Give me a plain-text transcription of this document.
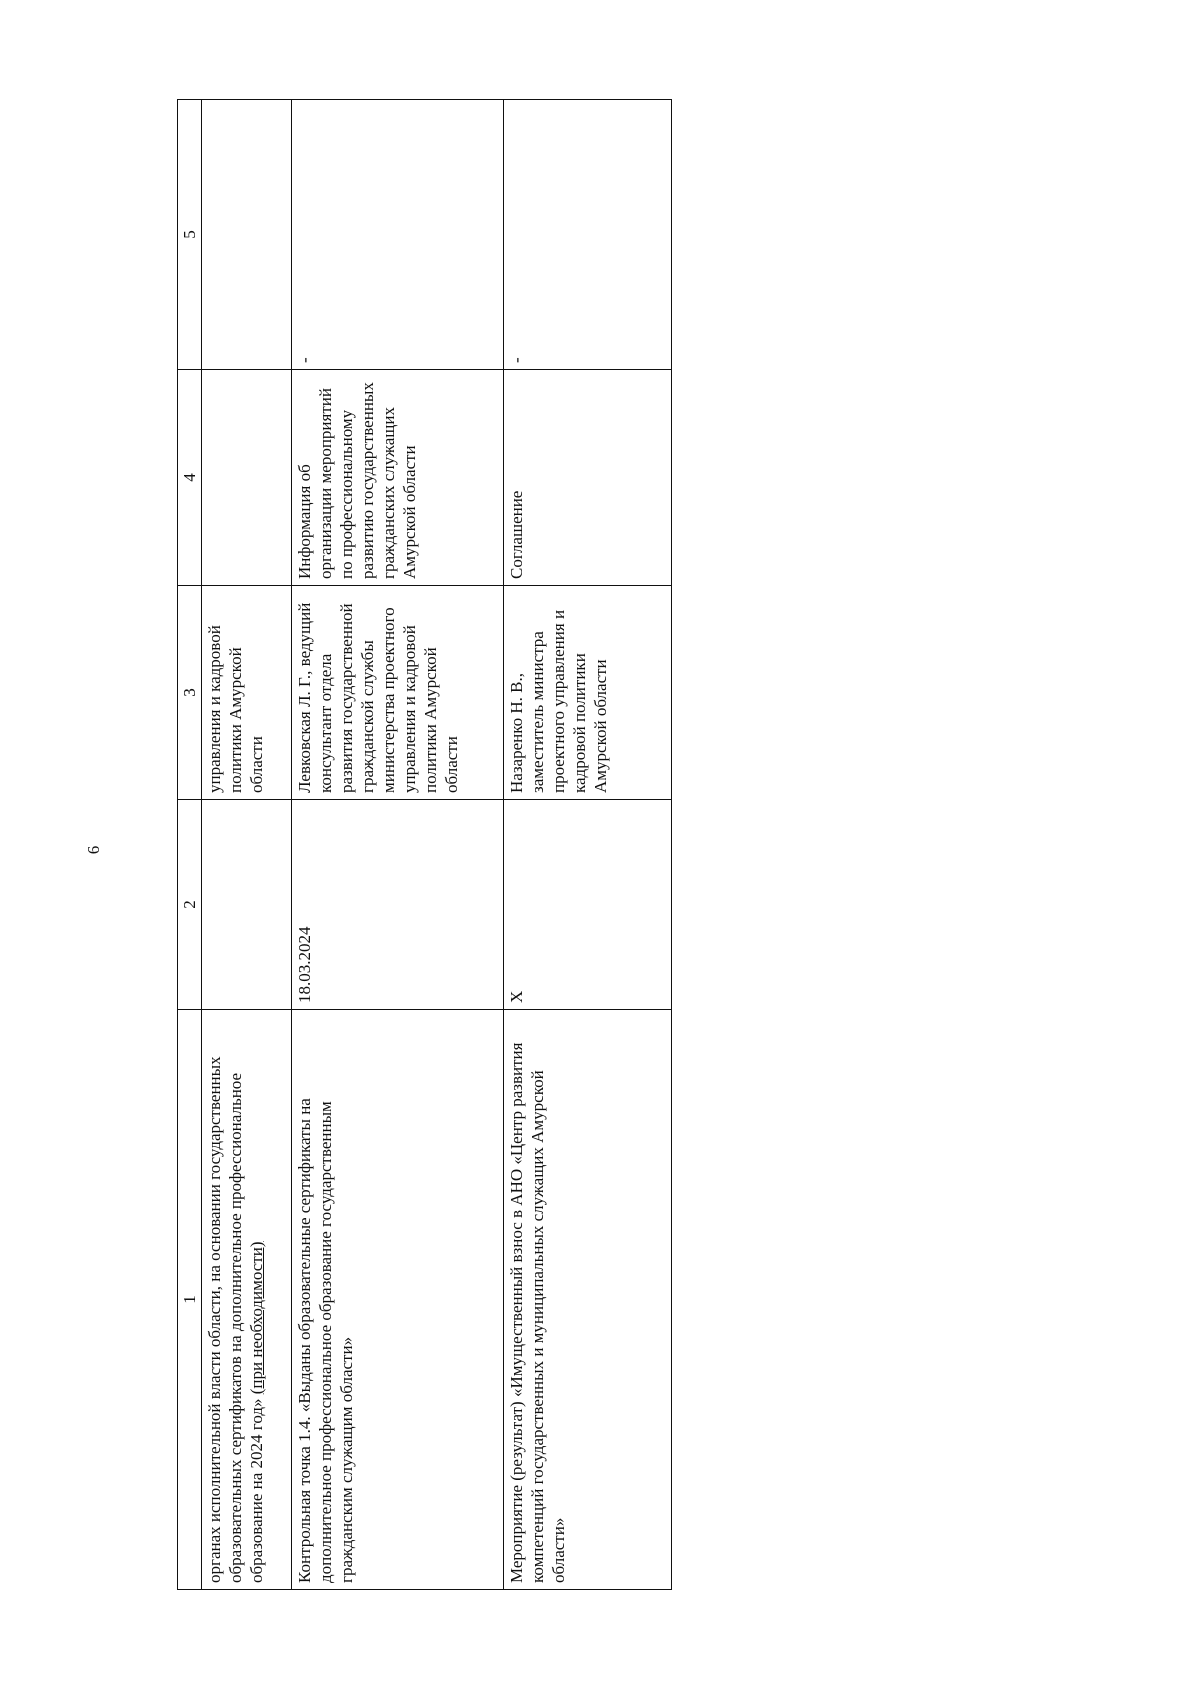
6
1	2	3	4	5
органах исполнительной власти области, на основании государственных образовательных сертификатов на дополнительное профессиональное образование на 2024 год» (при необходимости)		управления и кадровой политики Амурской области		
Контрольная точка 1.4. «Выданы образовательные сертификаты на дополнительное профессиональное образование государственным гражданским служащим области»	18.03.2024	Левковская Л. Г., ведущий консультант отдела развития государственной гражданской службы министерства проектного управления и кадровой политики Амурской области	Информация об организации мероприятий по профессиональному развитию государственных гражданских служащих Амурской области	-
Мероприятие (результат) «Имущественный взнос в АНО «Центр развития компетенций государственных и муниципальных служащих Амурской области»	X	Назаренко Н. В., заместитель министра проектного управления и кадровой политики Амурской области	Соглашение	-
